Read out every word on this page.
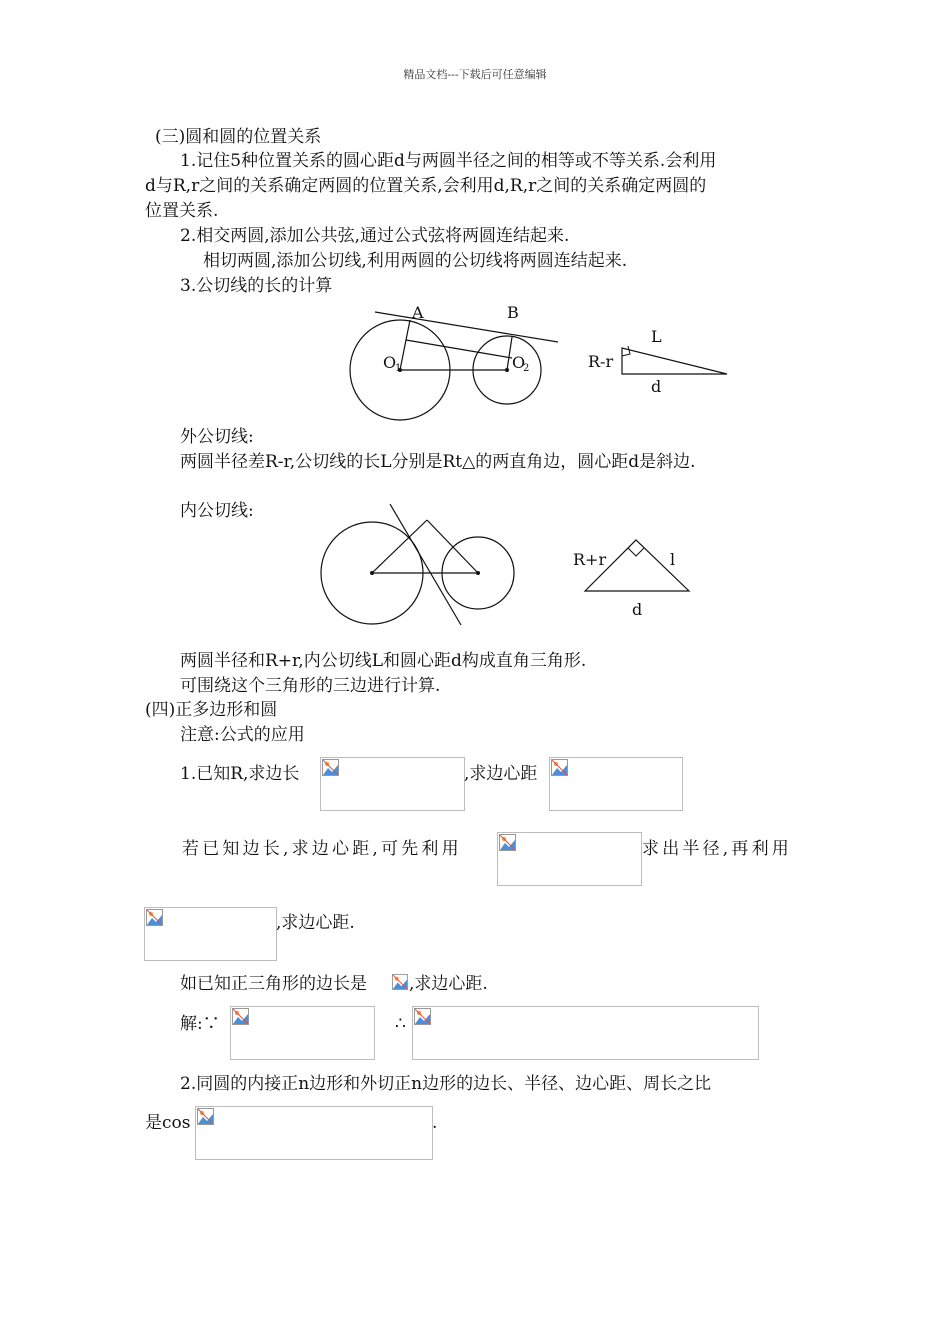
精品文档---下载后可任意编辑
(三)圆和圆的位置关系
1.记住5种位置关系的圆心距d与两圆半径之间的相等或不等关系.会利用
d与R,r之间的关系确定两圆的位置关系,会利用d,R,r之间的关系确定两圆的
位置关系.
2.相交两圆,添加公共弦,通过公式弦将两圆连结起来.
相切两圆,添加公切线,利用两圆的公切线将两圆连结起来.
3.公切线的长的计算
A	B
O
1	O
2	R-r
L
d
外公切线:
两圆半径差R-r,公切线的长L分别是Rt△的两直角边，圆心距d是斜边.
内公切线:
R+r	l
d
两圆半径和R+r,内公切线L和圆心距d构成直角三角形.
可围绕这个三角形的三边进行计算.
(四)正多边形和圆
注意:公式的应用
1.已知R,求边长	,求边心距
若已知边长,求边心距,可先利用	求出半径,再利用
,求边心距.
如已知正三角形的边长是 ,求边心距.
解:∵	∴
2.同圆的内接正n边形和外切正n边形的边长、半径、边心距、周长之比
是cos	.
